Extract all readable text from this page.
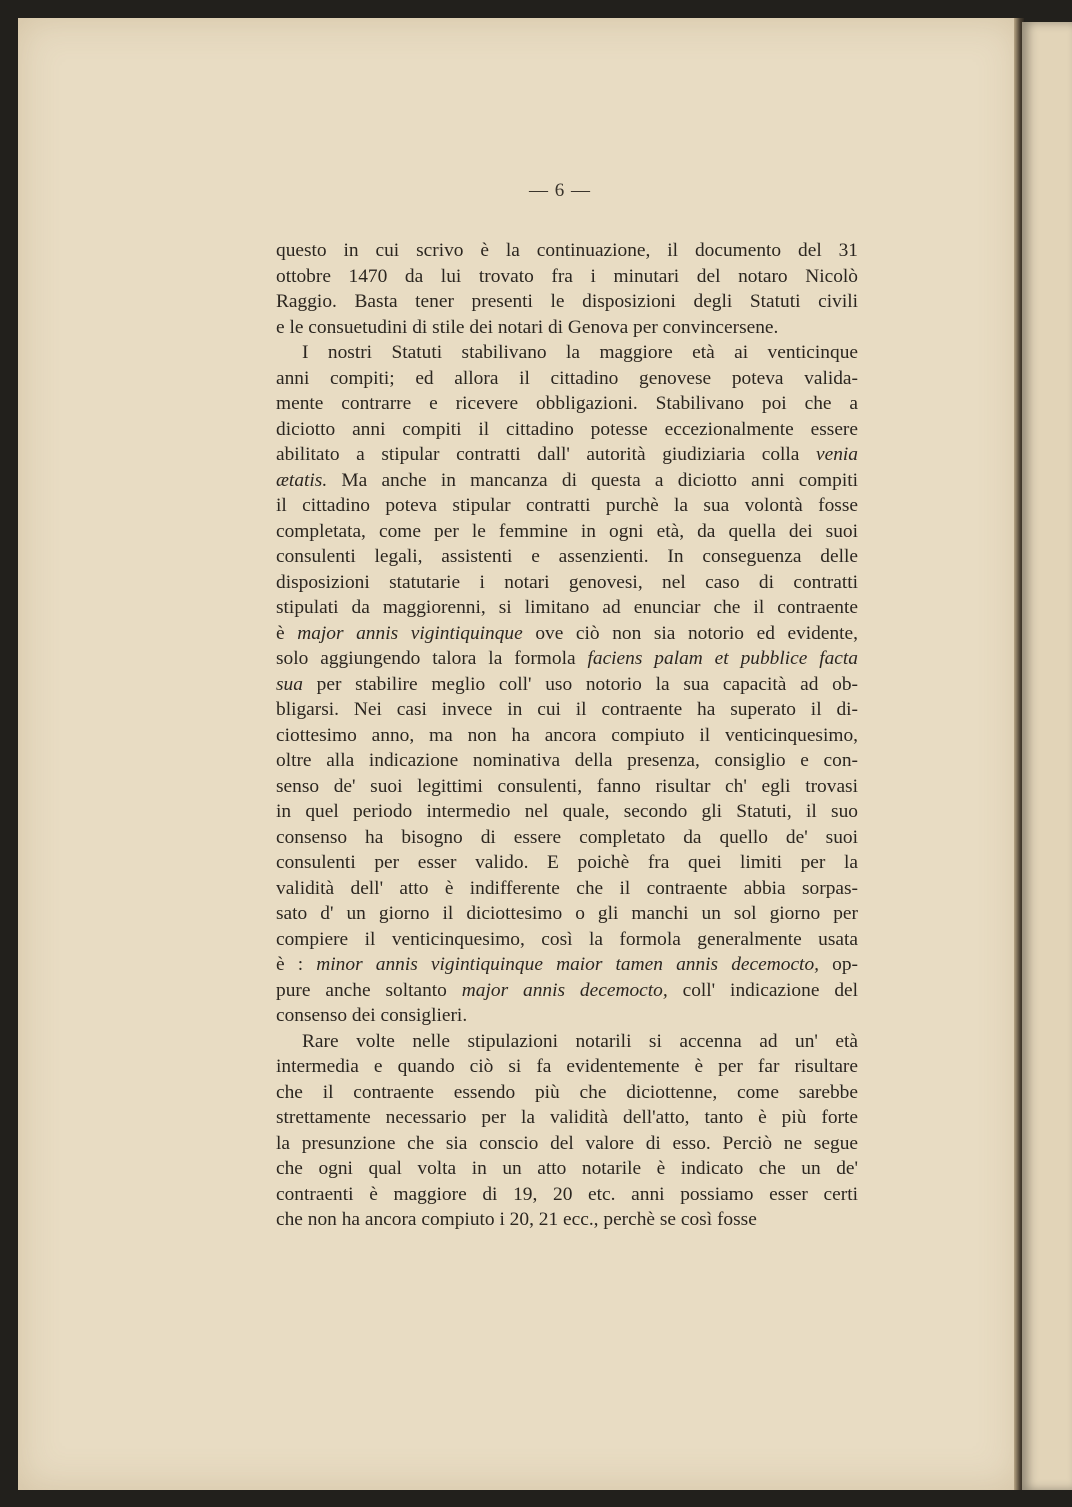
— 6 —

questo in cui scrivo è la continuazione, il documento del 31
ottobre 1470 da lui trovato fra i minutari del notaro Nicolò
Raggio. Basta tener presenti le disposizioni degli Statuti civili
e le consuetudini di stile dei notari di Genova per convincersene.

I nostri Statuti stabilivano la maggiore età ai venticinque
anni compiti; ed allora il cittadino genovese poteva valida-
mente contrarre e ricevere obbligazioni. Stabilivano poi che a
diciotto anni compiti il cittadino potesse eccezionalmente essere
abilitato a stipular contratti dall' autorità giudiziaria colla venia
ætatis. Ma anche in mancanza di questa a diciotto anni compiti
il cittadino poteva stipular contratti purchè la sua volontà fosse
completata, come per le femmine in ogni età, da quella dei suoi
consulenti legali, assistenti e assenzienti. In conseguenza delle
disposizioni statutarie i notari genovesi, nel caso di contratti
stipulati da maggiorenni, si limitano ad enunciar che il contraente
è major annis vigintiquinque ove ciò non sia notorio ed evidente,
solo aggiungendo talora la formola faciens palam et pubblice facta
sua per stabilire meglio coll' uso notorio la sua capacità ad ob-
bligarsi. Nei casi invece in cui il contraente ha superato il di-
ciottesimo anno, ma non ha ancora compiuto il venticinquesimo,
oltre alla indicazione nominativa della presenza, consiglio e con-
senso de' suoi legittimi consulenti, fanno risultar ch' egli trovasi
in quel periodo intermedio nel quale, secondo gli Statuti, il suo
consenso ha bisogno di essere completato da quello de' suoi
consulenti per esser valido. E poichè fra quei limiti per la
validità dell' atto è indifferente che il contraente abbia sorpas-
sato d' un giorno il diciottesimo o gli manchi un sol giorno per
compiere il venticinquesimo, così la formola generalmente usata
è : minor annis vigintiquinque maior tamen annis decemocto, op-
pure anche soltanto major annis decemocto, coll' indicazione del
consenso dei consiglieri.

Rare volte nelle stipulazioni notarili si accenna ad un' età
intermedia e quando ciò si fa evidentemente è per far risultare
che il contraente essendo più che diciottenne, come sarebbe
strettamente necessario per la validità dell'atto, tanto è più forte
la presunzione che sia conscio del valore di esso. Perciò ne segue
che ogni qual volta in un atto notarile è indicato che un de'
contraenti è maggiore di 19, 20 etc. anni possiamo esser certi
che non ha ancora compiuto i 20, 21 ecc., perchè se così fosse
